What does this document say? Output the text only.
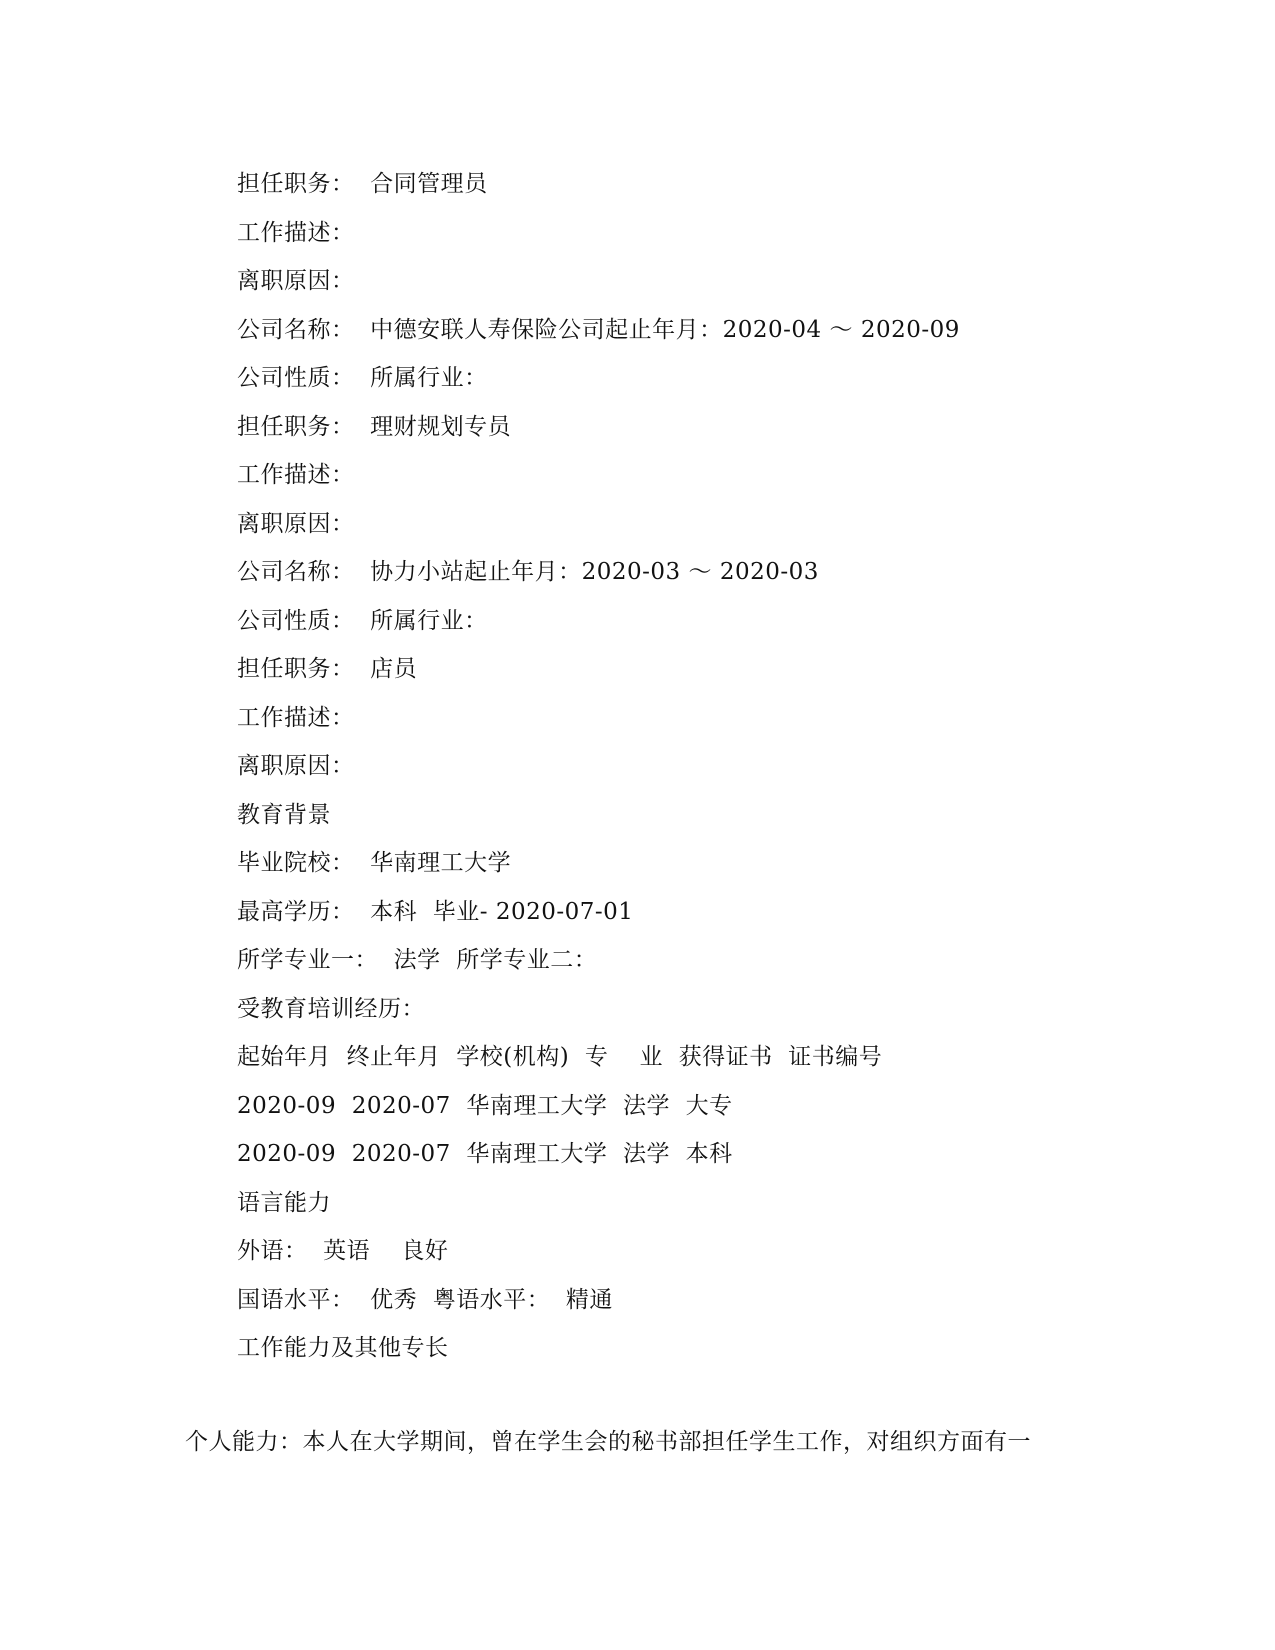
担任职务：  合同管理员
工作描述：
离职原因：
公司名称：  中德安联人寿保险公司起止年月：2020-04 ～ 2020-09
公司性质：  所属行业：
担任职务：  理财规划专员
工作描述：
离职原因：
公司名称：  协力小站起止年月：2020-03 ～ 2020-03
公司性质：  所属行业：
担任职务：  店员
工作描述：
离职原因：
教育背景
毕业院校：  华南理工大学
最高学历：  本科  毕业- 2020-07-01
所学专业一：  法学  所学专业二：
受教育培训经历：
起始年月  终止年月  学校(机构)  专    业  获得证书  证书编号
2020-09  2020-07  华南理工大学  法学  大专
2020-09  2020-07  华南理工大学  法学  本科
语言能力
外语：  英语    良好
国语水平：  优秀  粤语水平：  精通
工作能力及其他专长
个人能力：本人在大学期间，曾在学生会的秘书部担任学生工作，对组织方面有一
